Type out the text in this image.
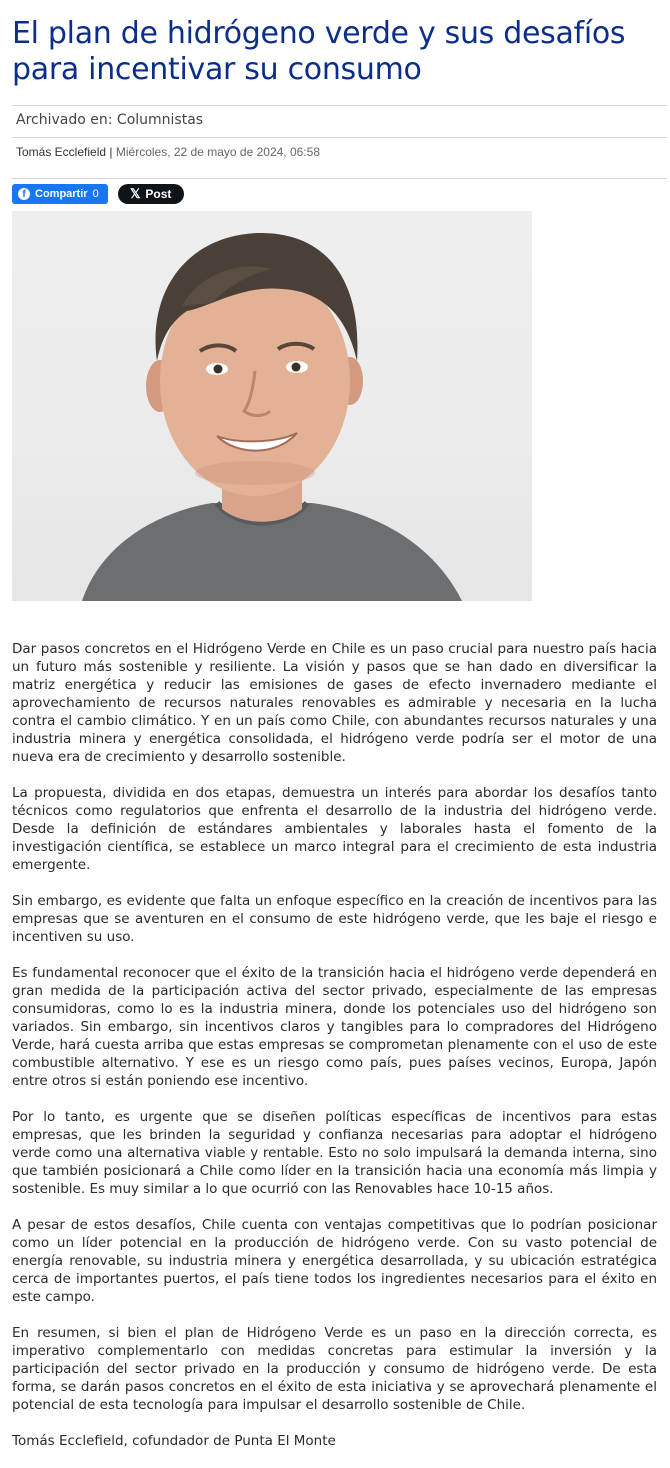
El plan de hidrógeno verde y sus desafíos para incentivar su consumo
Archivado en: Columnistas
Tomás Ecclefield | Miércoles, 22 de mayo de 2024, 06:58
f Compartir 0 𝕏 Post

Dar pasos concretos en el Hidrógeno Verde en Chile es un paso crucial para nuestro país hacia un futuro más sostenible y resiliente. La visión y pasos que se han dado en diversificar la matriz energética y reducir las emisiones de gases de efecto invernadero mediante el aprovechamiento de recursos naturales renovables es admirable y necesaria en la lucha contra el cambio climático. Y en un país como Chile, con abundantes recursos naturales y una industria minera y energética consolidada, el hidrógeno verde podría ser el motor de una nueva era de crecimiento y desarrollo sostenible.

La propuesta, dividida en dos etapas, demuestra un interés para abordar los desafíos tanto técnicos como regulatorios que enfrenta el desarrollo de la industria del hidrógeno verde. Desde la definición de estándares ambientales y laborales hasta el fomento de la investigación científica, se establece un marco integral para el crecimiento de esta industria emergente.

Sin embargo, es evidente que falta un enfoque específico en la creación de incentivos para las empresas que se aventuren en el consumo de este hidrógeno verde, que les baje el riesgo e incentiven su uso.

Es fundamental reconocer que el éxito de la transición hacia el hidrógeno verde dependerá en gran medida de la participación activa del sector privado, especialmente de las empresas consumidoras, como lo es la industria minera, donde los potenciales uso del hidrógeno son variados. Sin embargo, sin incentivos claros y tangibles para lo compradores del Hidrógeno Verde, hará cuesta arriba que estas empresas se comprometan plenamente con el uso de este combustible alternativo. Y ese es un riesgo como país, pues países vecinos, Europa, Japón entre otros si están poniendo ese incentivo.

Por lo tanto, es urgente que se diseñen políticas específicas de incentivos para estas empresas, que les brinden la seguridad y confianza necesarias para adoptar el hidrógeno verde como una alternativa viable y rentable. Esto no solo impulsará la demanda interna, sino que también posicionará a Chile como líder en la transición hacia una economía más limpia y sostenible. Es muy similar a lo que ocurrió con las Renovables hace 10-15 años.

A pesar de estos desafíos, Chile cuenta con ventajas competitivas que lo podrían posicionar como un líder potencial en la producción de hidrógeno verde. Con su vasto potencial de energía renovable, su industria minera y energética desarrollada, y su ubicación estratégica cerca de importantes puertos, el país tiene todos los ingredientes necesarios para el éxito en este campo.

En resumen, si bien el plan de Hidrógeno Verde es un paso en la dirección correcta, es imperativo complementarlo con medidas concretas para estimular la inversión y la participación del sector privado en la producción y consumo de hidrógeno verde. De esta forma, se darán pasos concretos en el éxito de esta iniciativa y se aprovechará plenamente el potencial de esta tecnología para impulsar el desarrollo sostenible de Chile.

Tomás Ecclefield, cofundador de Punta El Monte
